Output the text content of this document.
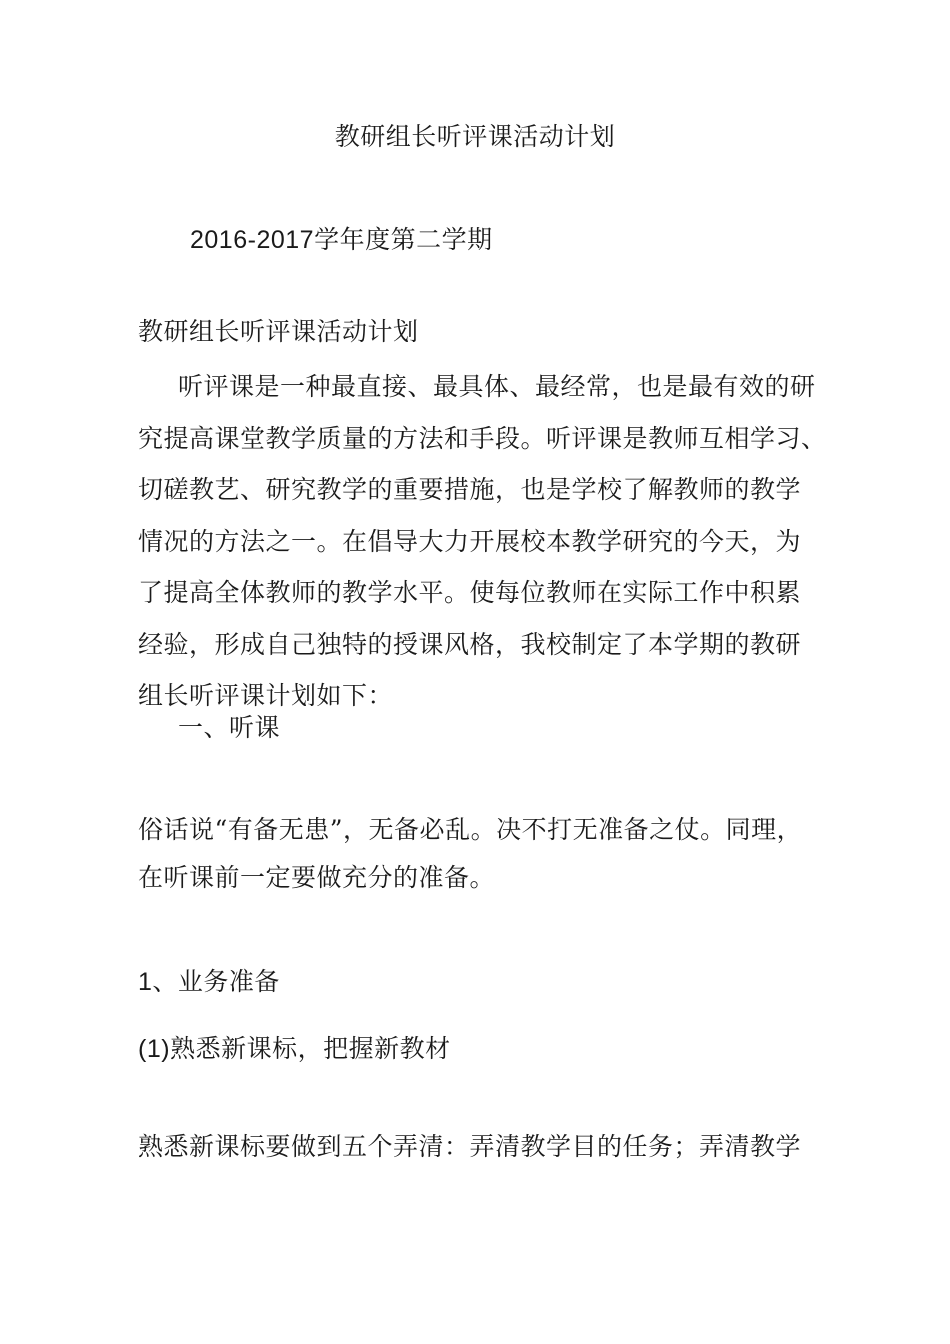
教研组长听评课活动计划
2016-2017学年度第二学期
教研组长听评课活动计划
听评课是一种最直接、最具体、最经常，也是最有效的研
究提高课堂教学质量的方法和手段。听评课是教师互相学习、
切磋教艺、研究教学的重要措施，也是学校了解教师的教学
情况的方法之一。在倡导大力开展校本教学研究的今天，为
了提高全体教师的教学水平。使每位教师在实际工作中积累
经验，形成自己独特的授课风格，我校制定了本学期的教研
组长听评课计划如下：
一、听课
俗话说“有备无患”，无备必乱。决不打无准备之仗。同理，
在听课前一定要做充分的准备。
1、业务准备
(1)熟悉新课标，把握新教材
熟悉新课标要做到五个弄清：弄清教学目的任务；弄清教学
